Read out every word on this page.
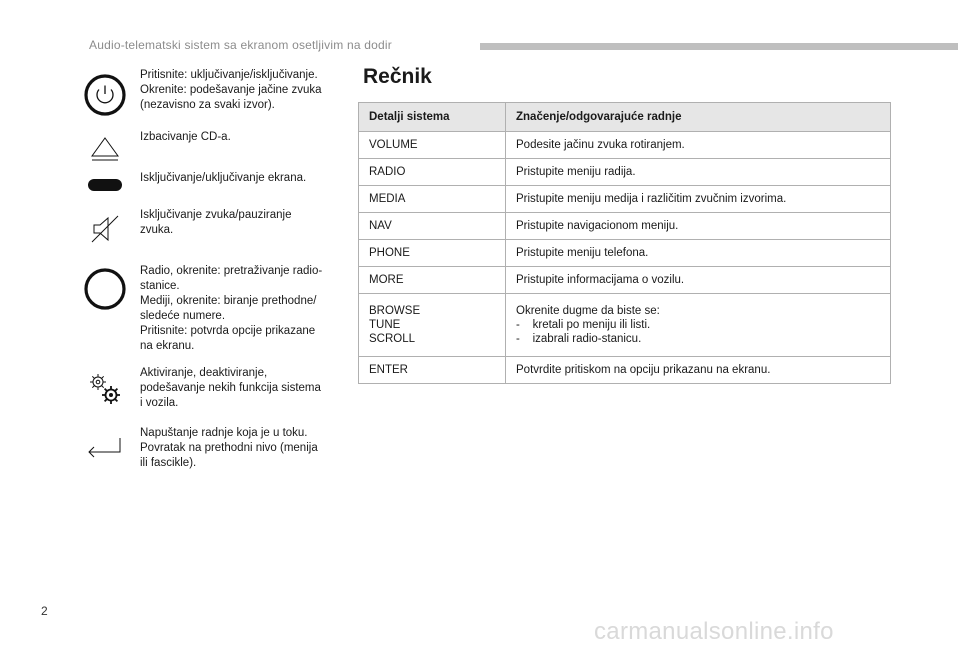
Audio-telematski sistem sa ekranom osetljivim na dodir
Pritisnite: uključivanje/isključivanje.
Okrenite: podešavanje jačine zvuka
(nezavisno za svaki izvor).
Izbacivanje CD-a.
Isključivanje/uključivanje ekrana.
Isključivanje zvuka/pauziranje
zvuka.
Radio, okrenite: pretraživanje radio-
stanice.
Mediji, okrenite: biranje prethodne/
sledeće numere.
Pritisnite: potvrda opcije prikazane
na ekranu.
Aktiviranje, deaktiviranje,
podešavanje nekih funkcija sistema
i vozila.
Napuštanje radnje koja je u toku.
Povratak na prethodni nivo (menija
ili fascikle).
Rečnik
Detalji sistema	Značenje/odgovarajuće radnje

VOLUME	Podesite jačinu zvuka rotiranjem.

RADIO	Pristupite meniju radija.

MEDIA	Pristupite meniju medija i različitim zvučnim izvorima.

NAV	Pristupite navigacionom meniju.

PHONE	Pristupite meniju telefona.

MORE	Pristupite informacijama o vozilu.

BROWSE
TUNE
SCROLL	Okrenite dugme da biste se:
-    kretali po meniju ili listi.
-    izabrali radio-stanicu.

ENTER	Potvrdite pritiskom na opciju prikazanu na ekranu.
2
carmanualsonline.info
